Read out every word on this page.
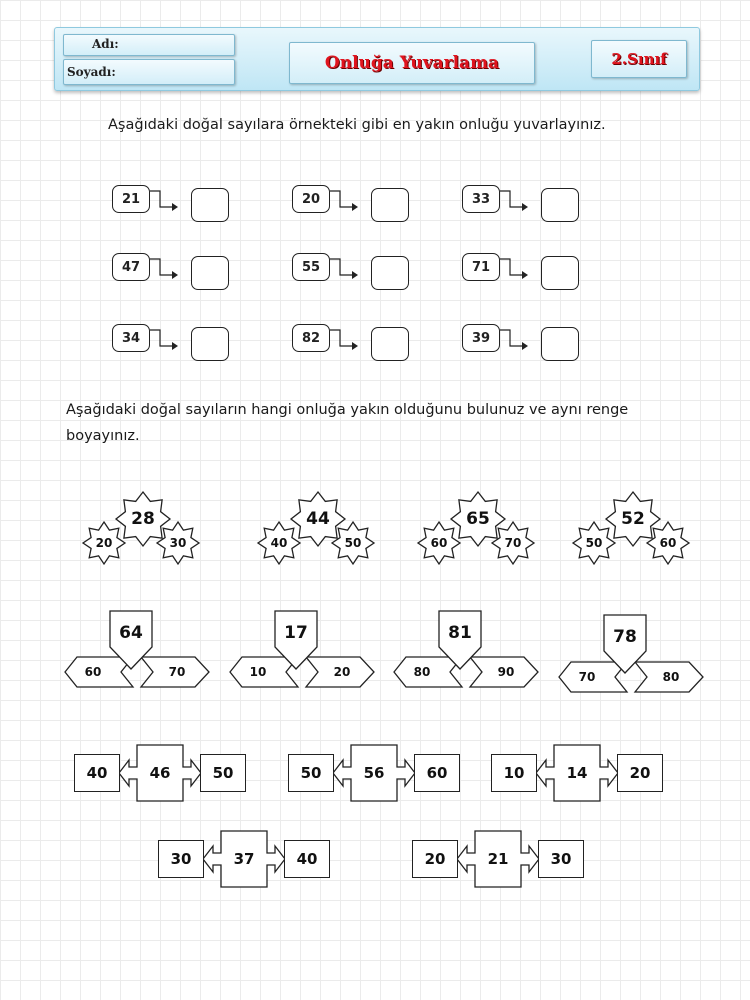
Adı:
Soyadı:	Onluğa Yuvarlama	2.Sınıf
Aşağıdaki doğal sayılara örnekteki gibi en yakın onluğu yuvarlayınız.
21	20	33
47	55	71
34	82	39
Aşağıdaki doğal sayıların hangi onluğa yakın olduğunu bulunuz ve aynı renge
boyayınız.
20	30
28
40	50
44
60	70
65
50	60
52
60	70
64
10	20
17
80	90
81
70	80
78
46
40	50	56
50	60	14
10	20
37
30	40	21
20	30
